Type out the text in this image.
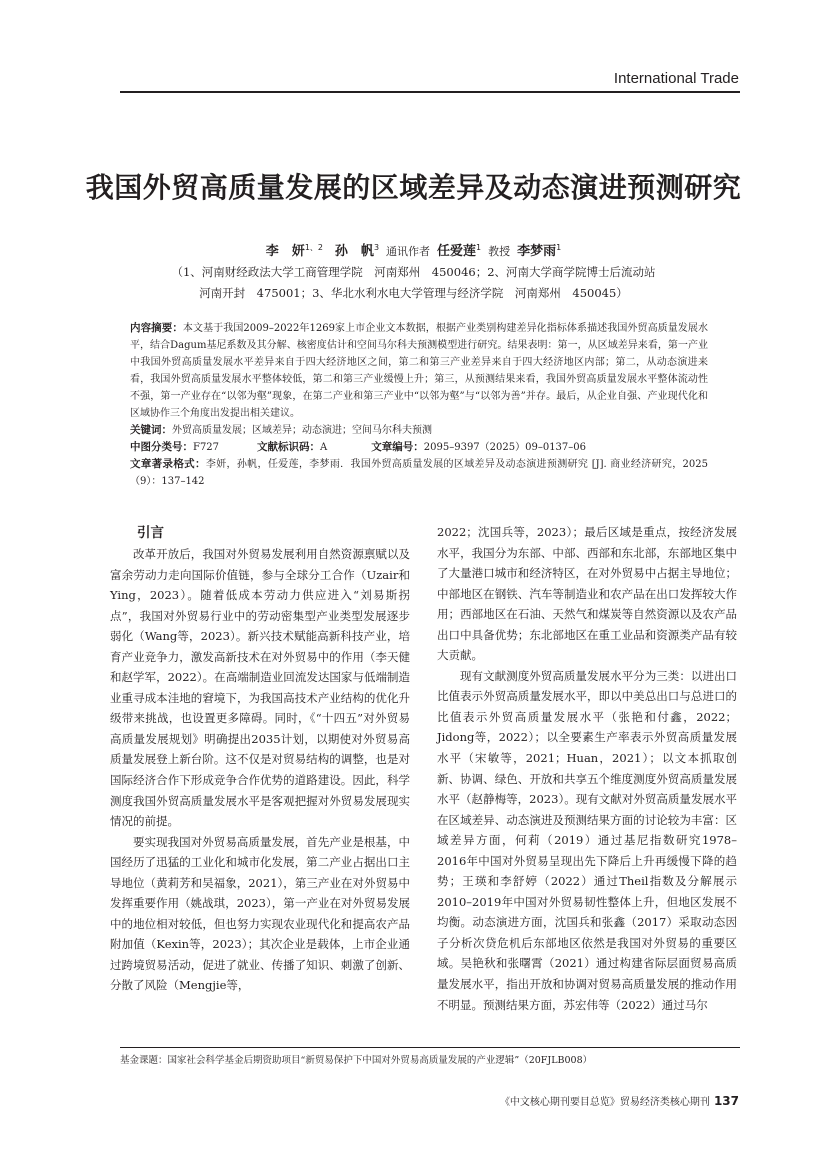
International Trade
我国外贸高质量发展的区域差异及动态演进预测研究
李　妍$^{1、2}$ 孙　帆$^3$ 通讯作者 任爱莲$^1$ 教授 李梦雨$^1$
（1、河南财经政法大学工商管理学院　河南郑州　450046；2、河南大学商学院博士后流动站
河南开封　475001；3、华北水利水电大学管理与经济学院　河南郑州　450045）

内容摘要：本文基于我国2009–2022年1269家上市企业文本数据，根据产业类别构建差异化指标体系描述我国外贸高质量发展水平，结合Dagum基尼系数及其分解、核密度估计和空间马尔科夫预测模型进行研究。结果表明：第一，从区域差异来看，第一产业中我国外贸高质量发展水平差异来自于四大经济地区之间，第二和第三产业差异来自于四大经济地区内部；第二，从动态演进来看，我国外贸高质量发展水平整体较低，第二和第三产业缓慢上升；第三，从预测结果来看，我国外贸高质量发展水平整体流动性不强，第一产业存在“以邻为壑”现象，在第二产业和第三产业中“以邻为壑”与“以邻为善”并存。最后，从企业自强、产业现代化和区域协作三个角度出发提出相关建议。

关键词：外贸高质量发展；区域差异；动态演进；空间马尔科夫预测

中图分类号：F727	文献标识码：A	文章编号：2095–9397（2025）09–0137–06

文章著录格式：李妍，孙帆，任爱莲，李梦雨．我国外贸高质量发展的区域差异及动态演进预测研究 [J]. 商业经济研究，2025（9）：137–142

引言

改革开放后，我国对外贸易发展利用自然资源禀赋以及富余劳动力走向国际价值链，参与全球分工合作（Uzair和Ying，2023）。随着低成本劳动力供应进入“刘易斯拐点”，我国对外贸易行业中的劳动密集型产业类型发展逐步弱化（Wang等，2023）。新兴技术赋能高新科技产业，培育产业竞争力，激发高新技术在对外贸易中的作用（李天健和赵学军，2022）。在高端制造业回流发达国家与低端制造业重寻成本洼地的窘境下，为我国高技术产业结构的优化升级带来挑战，也设置更多障碍。同时，《“十四五”对外贸易高质量发展规划》明确提出2035计划，以期使对外贸易高质量发展登上新台阶。这不仅是对贸易结构的调整，也是对国际经济合作下形成竞争合作优势的道路建设。因此，科学测度我国外贸高质量发展水平是客观把握对外贸易发展现实情况的前提。

要实现我国对外贸易高质量发展，首先产业是根基，中国经历了迅猛的工业化和城市化发展，第二产业占据出口主导地位（黄莉芳和吴福象，2021），第三产业在对外贸易中发挥重要作用（姚战琪，2023），第一产业在对外贸易发展中的地位相对较低，但也努力实现农业现代化和提高农产品附加值（Kexin等，2023）；其次企业是载体，上市企业通过跨境贸易活动，促进了就业、传播了知识、刺激了创新、分散了风险（Mengjie等，

2022；沈国兵等，2023）；最后区域是重点，按经济发展水平，我国分为东部、中部、西部和东北部，东部地区集中了大量港口城市和经济特区，在对外贸易中占据主导地位；中部地区在钢铁、汽车等制造业和农产品在出口发挥较大作用；西部地区在石油、天然气和煤炭等自然资源以及农产品出口中具备优势；东北部地区在重工业品和资源类产品有较大贡献。

现有文献测度外贸高质量发展水平分为三类：以进出口比值表示外贸高质量发展水平，即以中美总出口与总进口的比值表示外贸高质量发展水平（张艳和付鑫，2022；Jidong等，2022）；以全要素生产率表示外贸高质量发展水平（宋敏等，2021；Huan，2021）；以文本抓取创新、协调、绿色、开放和共享五个维度测度外贸高质量发展水平（赵静梅等，2023）。现有文献对外贸高质量发展水平在区域差异、动态演进及预测结果方面的讨论较为丰富：区域差异方面，何莉（2019）通过基尼指数研究1978–2016年中国对外贸易呈现出先下降后上升再缓慢下降的趋势；王瑛和李舒婷（2022）通过Theil指数及分解展示2010–2019年中国对外贸易韧性整体上升，但地区发展不均衡。动态演进方面，沈国兵和张鑫（2017）采取动态因子分析次贷危机后东部地区依然是我国对外贸易的重要区域。吴艳秋和张曙霄（2021）通过构建省际层面贸易高质量发展水平，指出开放和协调对贸易高质量发展的推动作用不明显。预测结果方面，苏宏伟等（2022）通过马尔

基金课题：国家社会科学基金后期资助项目“新贸易保护下中国对外贸易高质量发展的产业逻辑”（20FJLB008）
《中文核心期刊要目总览》贸易经济类核心期刊 137
